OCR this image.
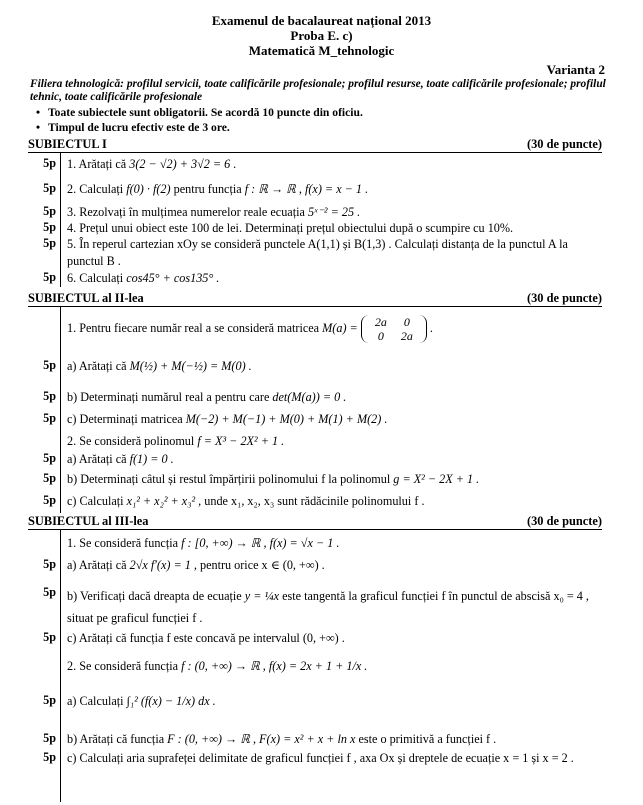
Examenul de bacalaureat național 2013
Proba E. c)
Matematică M_tehnologic
Varianta 2
Filiera tehnologică: profilul servicii, toate calificările profesionale; profilul resurse, toate calificările profesionale; profilul tehnic, toate calificările profesionale
• Toate subiectele sunt obligatorii. Se acordă 10 puncte din oficiu.
• Timpul de lucru efectiv este de 3 ore.
SUBIECTUL I	(30 de puncte)
5p 1. Arătați că 3(2 − √2) + 3√2 = 6 .
5p 2. Calculați f(0) · f(2) pentru funcția f : ℝ → ℝ , f(x) = x − 1 .
5p 3. Rezolvați în mulțimea numerelor reale ecuația 5ˣ⁻² = 25 .
5p 4. Prețul unui obiect este 100 de lei. Determinați prețul obiectului după o scumpire cu 10%.
5p 5. În reperul cartezian xOy se consideră punctele A(1,1) și B(1,3) . Calculați distanța de la punctul A la punctul B .
5p 6. Calculați cos45° + cos135° .
SUBIECTUL al II-lea	(30 de puncte)
1. Pentru fiecare număr real a se consideră matricea M(a) = 2a	0
0	2a
.
5p a) Arătați că M(½) + M(−½) = M(0) .
5p b) Determinați numărul real a pentru care det(M(a)) = 0 .
5p c) Determinați matricea M(−2) + M(−1) + M(0) + M(1) + M(2) .
2. Se consideră polinomul f = X³ − 2X² + 1 .
5p a) Arătați că f(1) = 0 .
5p b) Determinați câtul și restul împărțirii polinomului f la polinomul g = X² − 2X + 1 .
5p c) Calculați x₁² + x₂² + x₃² , unde x₁, x₂, x₃ sunt rădăcinile polinomului f .
SUBIECTUL al III-lea	(30 de puncte)
1. Se consideră funcția f : [0, +∞) → ℝ , f(x) = √x − 1 .
5p a) Arătați că 2√x f′(x) = 1 , pentru orice x ∈ (0, +∞) .
5p b) Verificați dacă dreapta de ecuație y = ¼x este tangentă la graficul funcției f în punctul de abscisă x₀ = 4 , situat pe graficul funcției f .
5p c) Arătați că funcția f este concavă pe intervalul (0, +∞) .
2. Se consideră funcția f : (0, +∞) → ℝ , f(x) = 2x + 1 + 1/x .
5p a) Calculați ∫₁² (f(x) − 1/x) dx .
5p b) Arătați că funcția F : (0, +∞) → ℝ , F(x) = x² + x + ln x este o primitivă a funcției f .
5p c) Calculați aria suprafeței delimitate de graficul funcției f , axa Ox și dreptele de ecuație x = 1 și x = 2 .
